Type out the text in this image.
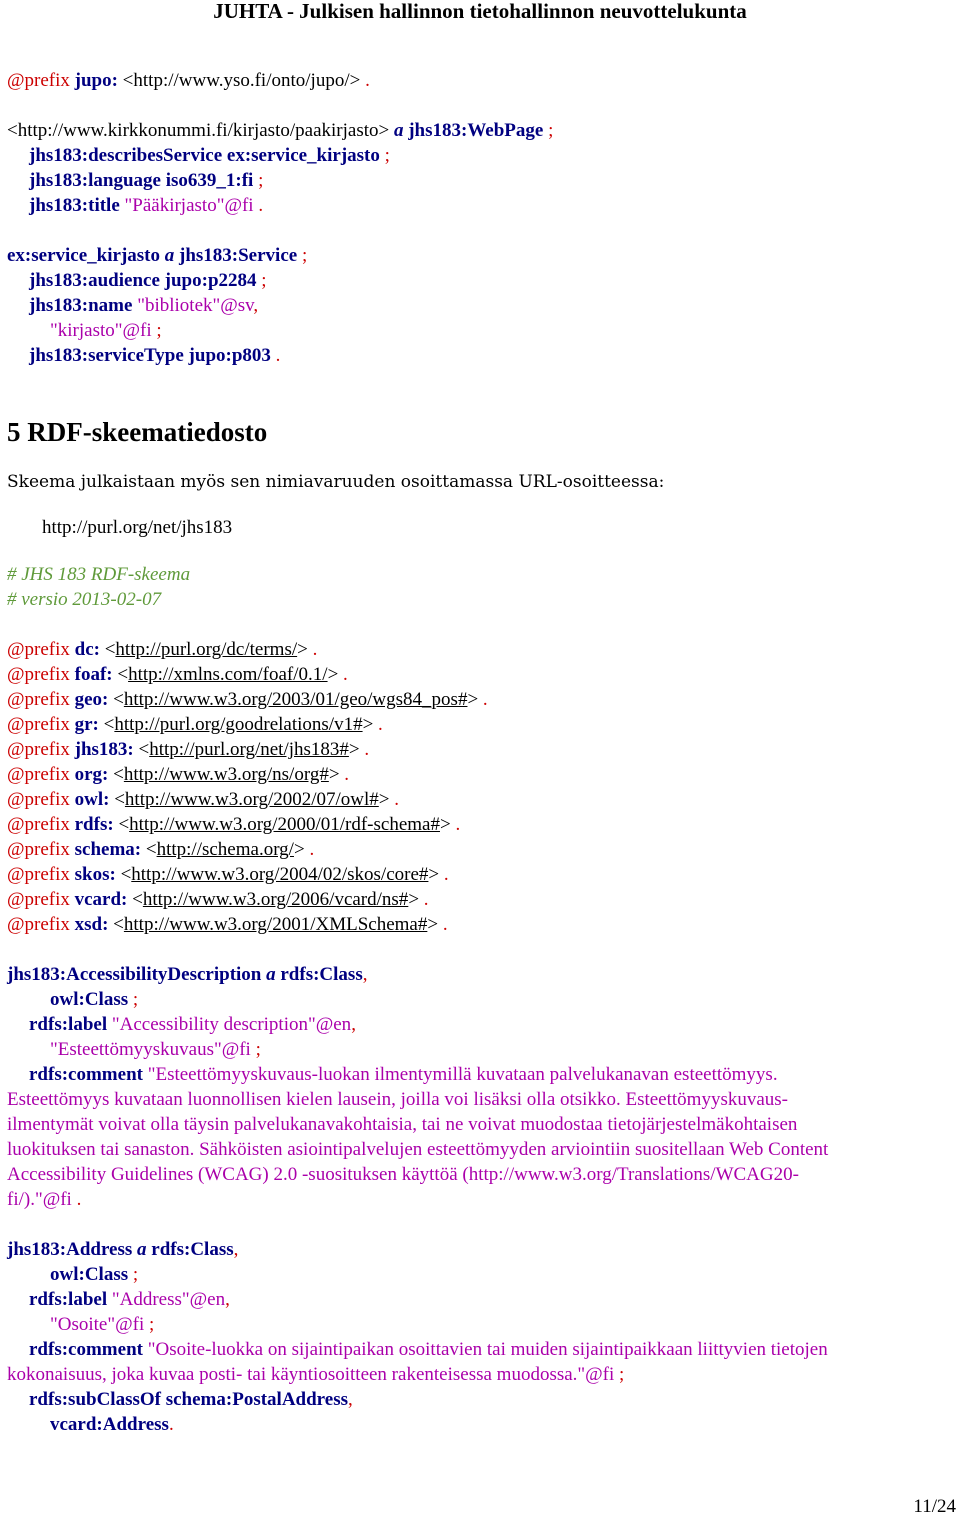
JUHTA - Julkisen hallinnon tietohallinnon neuvottelukunta
@prefix jupo: <http://www.yso.fi/onto/jupo/> .
<http://www.kirkkonummi.fi/kirjasto/paakirjasto> a jhs183:WebPage ;
jhs183:describesService ex:service_kirjasto ;
jhs183:language iso639_1:fi ;
jhs183:title "Pääkirjasto"@fi .
ex:service_kirjasto a jhs183:Service ;
jhs183:audience jupo:p2284 ;
jhs183:name "bibliotek"@sv,
"kirjasto"@fi ;
jhs183:serviceType jupo:p803 .
5 RDF-skeematiedosto
Skeema julkaistaan myös sen nimiavaruuden osoittamassa URL-osoitteessa:
http://purl.org/net/jhs183
# JHS 183 RDF-skeema
# versio 2013-02-07
@prefix dc: <http://purl.org/dc/terms/> .
@prefix foaf: <http://xmlns.com/foaf/0.1/> .
@prefix geo: <http://www.w3.org/2003/01/geo/wgs84_pos#> .
@prefix gr: <http://purl.org/goodrelations/v1#> .
@prefix jhs183: <http://purl.org/net/jhs183#> .
@prefix org: <http://www.w3.org/ns/org#> .
@prefix owl: <http://www.w3.org/2002/07/owl#> .
@prefix rdfs: <http://www.w3.org/2000/01/rdf-schema#> .
@prefix schema: <http://schema.org/> .
@prefix skos: <http://www.w3.org/2004/02/skos/core#> .
@prefix vcard: <http://www.w3.org/2006/vcard/ns#> .
@prefix xsd: <http://www.w3.org/2001/XMLSchema#> .
jhs183:AccessibilityDescription a rdfs:Class,
owl:Class ;
rdfs:label "Accessibility description"@en,
"Esteettömyyskuvaus"@fi ;
rdfs:comment "Esteettömyyskuvaus-luokan ilmentymillä kuvataan palvelukanavan esteettömyys.
Esteettömyys kuvataan luonnollisen kielen lausein, joilla voi lisäksi olla otsikko. Esteettömyyskuvaus-
ilmentymät voivat olla täysin palvelukanavakohtaisia, tai ne voivat muodostaa tietojärjestelmäkohtaisen
luokituksen tai sanaston. Sähköisten asiointipalvelujen esteettömyyden arviointiin suositellaan Web Content
Accessibility Guidelines (WCAG) 2.0 -suosituksen käyttöä (http://www.w3.org/Translations/WCAG20-
fi/)."@fi .
jhs183:Address a rdfs:Class,
owl:Class ;
rdfs:label "Address"@en,
"Osoite"@fi ;
rdfs:comment "Osoite-luokka on sijaintipaikan osoittavien tai muiden sijaintipaikkaan liittyvien tietojen
kokonaisuus, joka kuvaa posti- tai käyntiosoitteen rakenteisessa muodossa."@fi ;
rdfs:subClassOf schema:PostalAddress,
vcard:Address.
11/24
